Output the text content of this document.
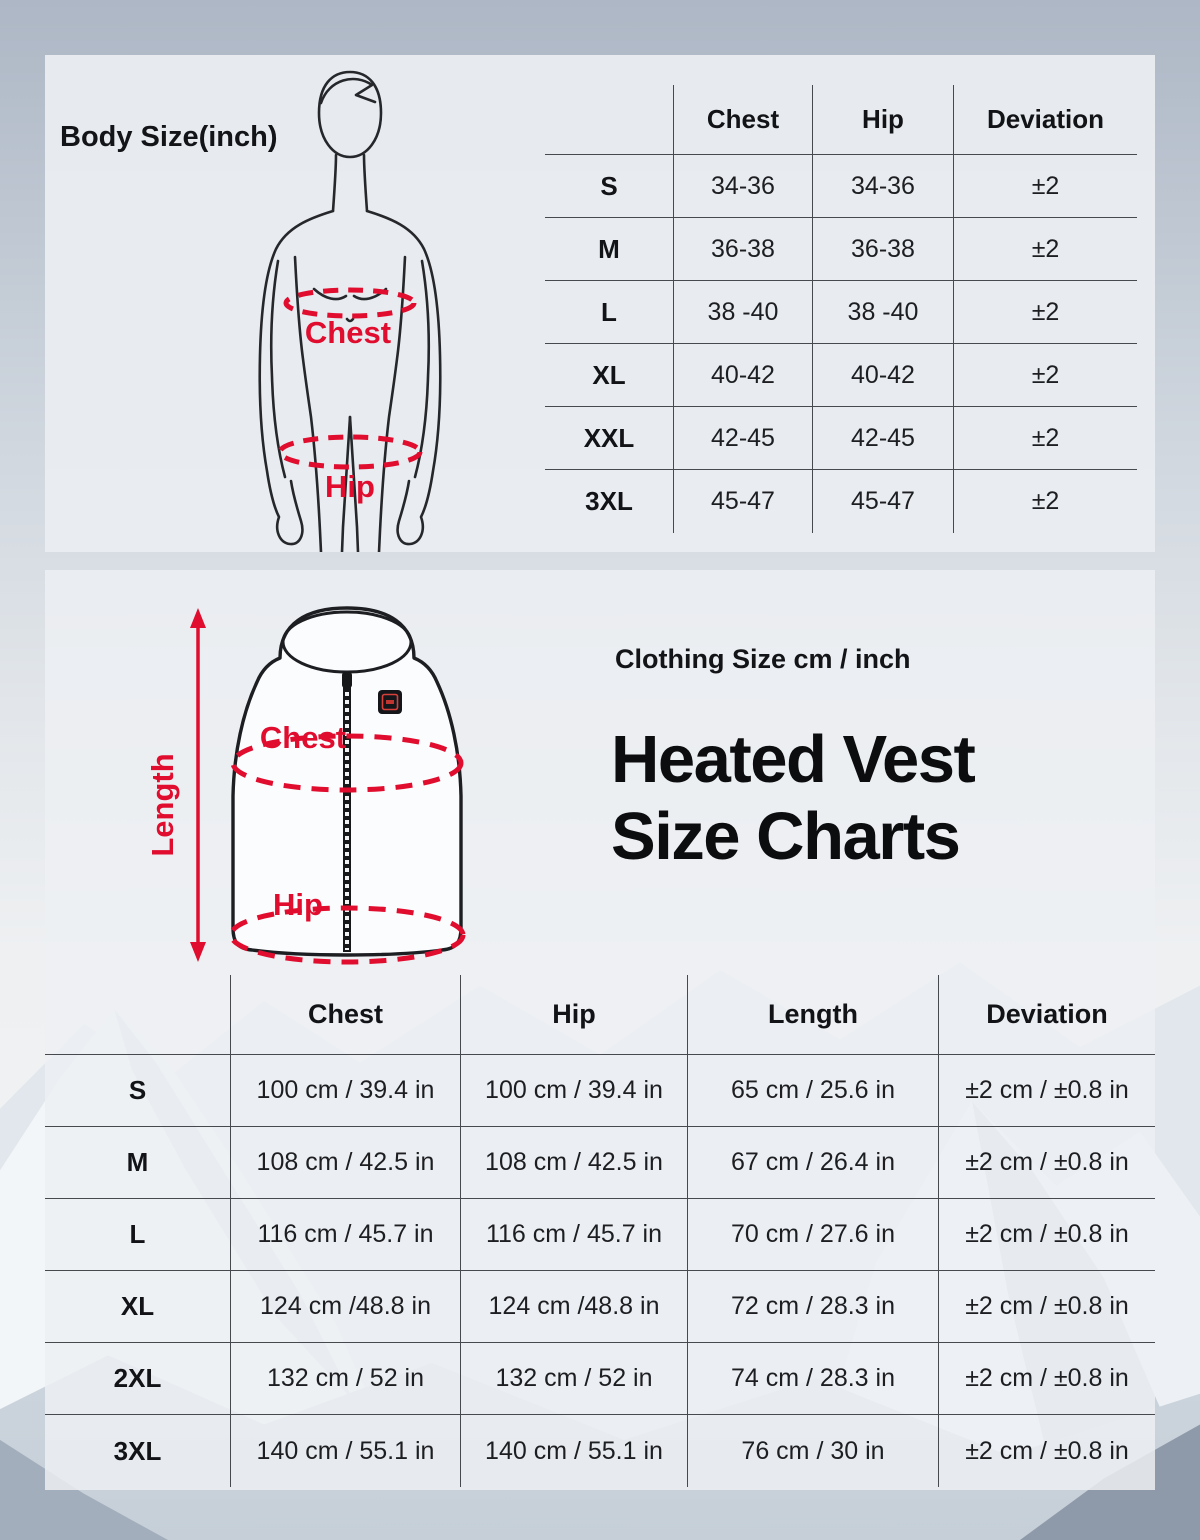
Body Size(inch)
Chest
Hip
Chest	Hip	Deviation
S	34-36	34-36	±2
M	36-38	36-38	±2
L	38 -40	38 -40	±2
XL	40-42	40-42	±2
XXL	42-45	42-45	±2
3XL	45-47	45-47	±2
Length
Chest
Hip
Clothing Size cm / inch
Heated Vest
Size Charts
Chest	Hip	Length	Deviation
S	100 cm / 39.4 in	100 cm / 39.4 in	65 cm / 25.6 in	±2 cm / ±0.8 in
M	108 cm / 42.5 in	108 cm / 42.5 in	67 cm / 26.4 in	±2 cm / ±0.8 in
L	116 cm / 45.7 in	116 cm / 45.7 in	70 cm / 27.6 in	±2 cm / ±0.8 in
XL	124 cm /48.8 in	124 cm /48.8 in	72 cm / 28.3 in	±2 cm / ±0.8 in
2XL	132 cm / 52 in	132 cm / 52 in	74 cm / 28.3 in	±2 cm / ±0.8 in
3XL	140 cm / 55.1 in	140 cm / 55.1 in	76 cm / 30 in	±2 cm / ±0.8 in
